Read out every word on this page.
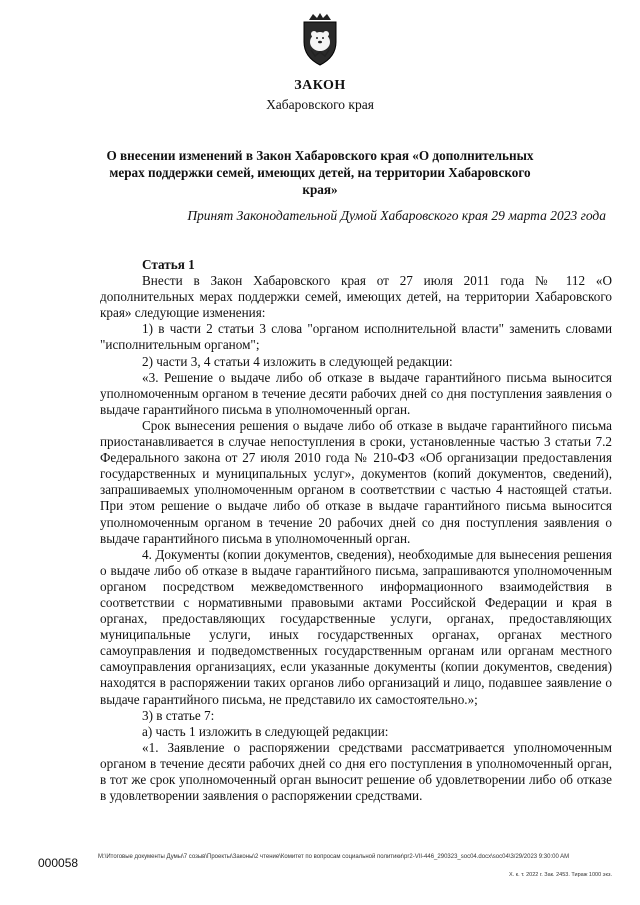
ЗАКОН
Хабаровского края
О внесении изменений в Закон Хабаровского края «О дополнительных мерах поддержки семей, имеющих детей, на территории Хабаровского края»
Принят Законодательной Думой Хабаровского края 29 марта 2023 года

Статья 1

Внести в Закон Хабаровского края от 27 июля 2011 года № 112 «О дополнительных мерах поддержки семей, имеющих детей, на территории Хабаровского края» следующие изменения:

1) в части 2 статьи 3 слова "органом исполнительной власти" заменить словами "исполнительным органом";

2) части 3, 4 статьи 4 изложить в следующей редакции:

«3. Решение о выдаче либо об отказе в выдаче гарантийного письма выносится уполномоченным органом в течение десяти рабочих дней со дня поступления заявления о выдаче гарантийного письма в уполномоченный орган.

Срок вынесения решения о выдаче либо об отказе в выдаче гарантийного письма приостанавливается в случае непоступления в сроки, установленные частью 3 статьи 7.2 Федерального закона от 27 июля 2010 года № 210-ФЗ «Об организации предоставления государственных и муниципальных услуг», документов (копий документов, сведений), запрашиваемых уполномоченным органом в соответствии с частью 4 настоящей статьи. При этом решение о выдаче либо об отказе в выдаче гарантийного письма выносится уполномоченным органом в течение 20 рабочих дней со дня поступления заявления о выдаче гарантийного письма в уполномоченный орган.

4. Документы (копии документов, сведения), необходимые для вынесения решения о выдаче либо об отказе в выдаче гарантийного письма, запрашиваются уполномоченным органом посредством межведомственного информационного взаимодействия в соответствии с нормативными правовыми актами Российской Федерации и края в органах, предоставляющих государственные услуги, органах, предоставляющих муниципальные услуги, иных государственных органах, органах местного самоуправления и подведомственных государственным органам или органам местного самоуправления организациях, если указанные документы (копии документов, сведения) находятся в распоряжении таких органов либо организаций и лицо, подавшее заявление о выдаче гарантийного письма, не представило их самостоятельно.»;

3) в статье 7:

а) часть 1 изложить в следующей редакции:

«1. Заявление о распоряжении средствами рассматривается уполномоченным органом в течение десяти рабочих дней со дня его поступления в уполномоченный орган, в тот же срок уполномоченный орган выносит решение об удовлетворении либо об отказе в удовлетворении заявления о распоряжении средствами.

000058	M:\Итоговые документы Думы\7 созыв\Проекты\Законы\2 чтение\Комитет по вопросам социальной политики\pr2-VII-446_290323_soc04.docx\soc04\3/29/2023 9:30:00 AM
Х. к. т. 2022 г. Зак. 2453. Тираж 1000 экз.
